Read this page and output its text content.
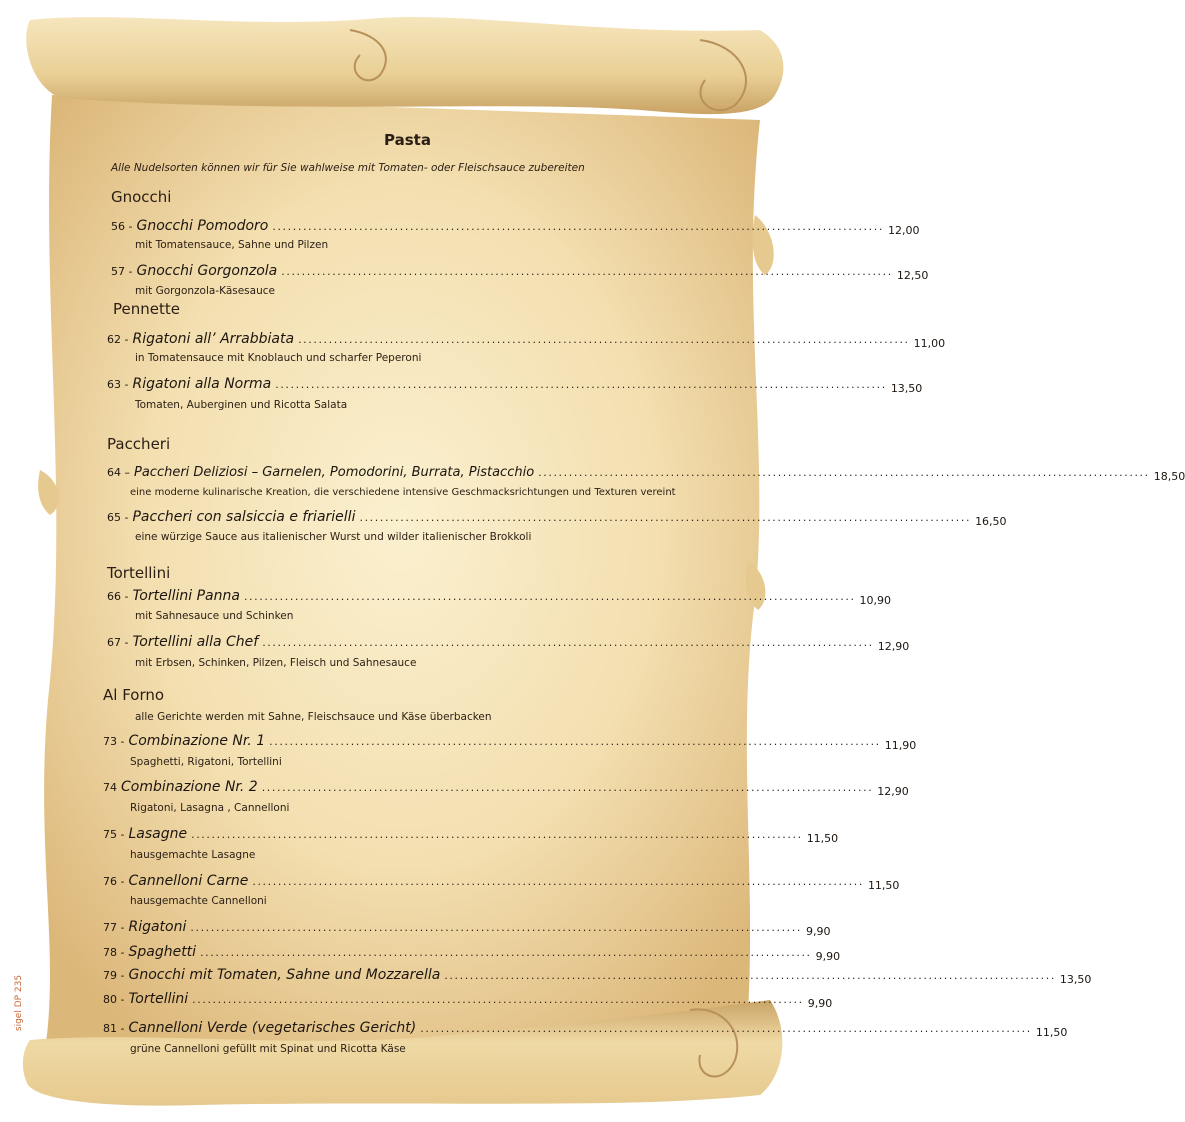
Pasta
Alle Nudelsorten können wir für Sie wahlweise mit Tomaten- oder Fleischsauce zubereiten
Gnocchi
56 - Gnocchi Pomodoro ........................................................................................................................ 12,00
mit Tomatensauce, Sahne und Pilzen
57 - Gnocchi Gorgonzola ........................................................................................................................ 12,50
mit Gorgonzola-Käsesauce
Pennette
62 - Rigatoni all’ Arrabbiata ........................................................................................................................ 11,00
in Tomatensauce mit Knoblauch und scharfer Peperoni
63 - Rigatoni alla Norma ........................................................................................................................ 13,50
Tomaten, Auberginen und Ricotta Salata
Paccheri
64 – Paccheri Deliziosi – Garnelen, Pomodorini, Burrata, Pistacchio ........................................................................................................................ 18,50
eine moderne kulinarische Kreation, die verschiedene intensive Geschmacksrichtungen und Texturen vereint
65 - Paccheri con salsiccia e friarielli ........................................................................................................................ 16,50
eine würzige Sauce aus italienischer Wurst und wilder italienischer Brokkoli
Tortellini
66 - Tortellini Panna ........................................................................................................................ 10,90
mit Sahnesauce und Schinken
67 - Tortellini alla Chef ........................................................................................................................ 12,90
mit Erbsen, Schinken, Pilzen, Fleisch und Sahnesauce
Al Forno
alle Gerichte werden mit Sahne, Fleischsauce und Käse überbacken
73 - Combinazione Nr. 1 ........................................................................................................................ 11,90
Spaghetti, Rigatoni, Tortellini
74 Combinazione Nr. 2 ........................................................................................................................ 12,90
Rigatoni, Lasagna , Cannelloni
75 - Lasagne ........................................................................................................................ 11,50
hausgemachte Lasagne
76 - Cannelloni Carne ........................................................................................................................ 11,50
hausgemachte Cannelloni
77 - Rigatoni ........................................................................................................................ 9,90
78 - Spaghetti ........................................................................................................................ 9,90
79 - Gnocchi mit Tomaten, Sahne und Mozzarella ........................................................................................................................ 13,50
80 - Tortellini ........................................................................................................................ 9,90
81 - Cannelloni Verde (vegetarisches Gericht) ........................................................................................................................ 11,50
grüne Cannelloni gefüllt mit Spinat und Ricotta Käse
sigel DP 235
